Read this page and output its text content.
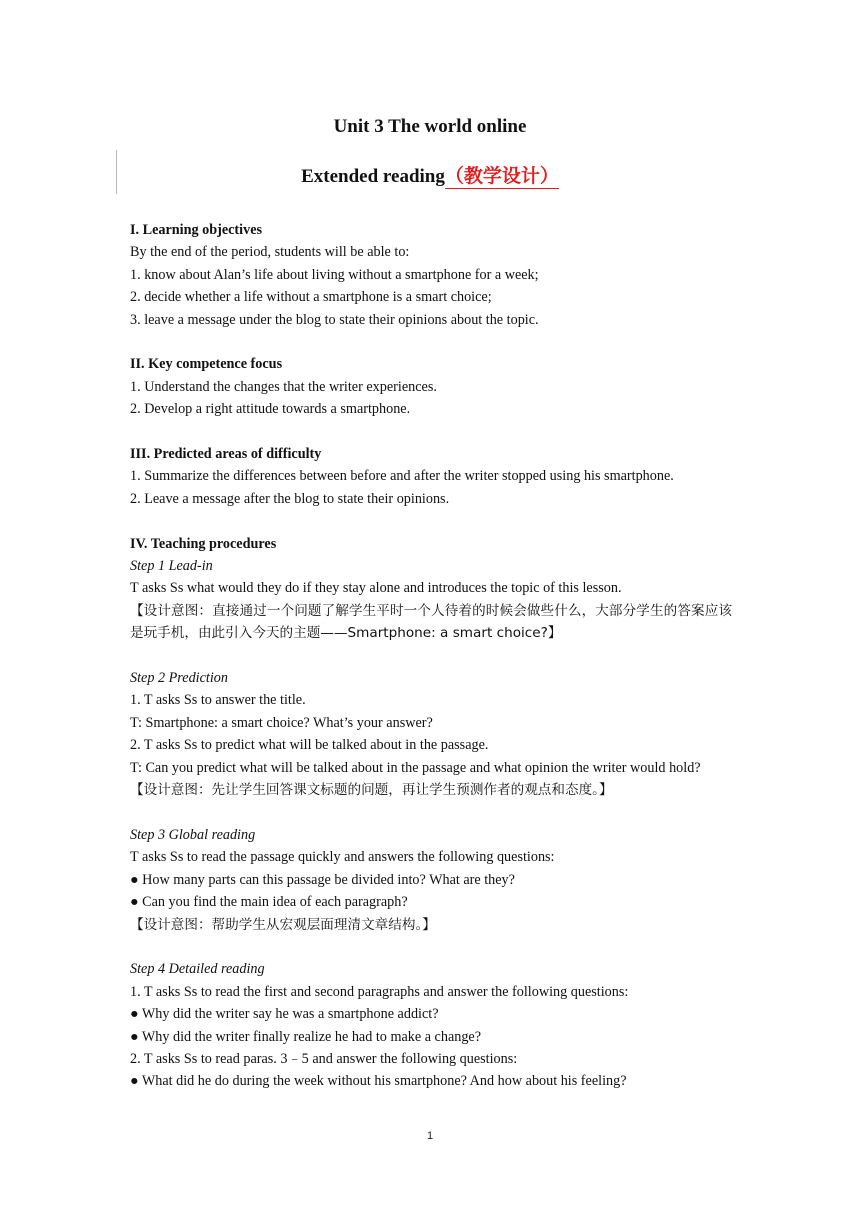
Unit 3 The world online
Extended reading（教学设计）

I. Learning objectives

By the end of the period, students will be able to:

1. know about Alan’s life about living without a smartphone for a week;

2. decide whether a life without a smartphone is a smart choice;

3. leave a message under the blog to state their opinions about the topic.

II. Key competence focus

1. Understand the changes that the writer experiences.

2. Develop a right attitude towards a smartphone.

III. Predicted areas of difficulty

1. Summarize the differences between before and after the writer stopped using his smartphone.

2. Leave a message after the blog to state their opinions.

IV. Teaching procedures

Step 1 Lead-in

T asks Ss what would they do if they stay alone and introduces the topic of this lesson.

【设计意图：直接通过一个问题了解学生平时一个人待着的时候会做些什么，大部分学生的答案应该是玩手机，由此引入今天的主题——Smartphone: a smart choice?】

Step 2 Prediction

1. T asks Ss to answer the title.

T: Smartphone: a smart choice? What’s your answer?

2. T asks Ss to predict what will be talked about in the passage.

T: Can you predict what will be talked about in the passage and what opinion the writer would hold?

【设计意图：先让学生回答课文标题的问题，再让学生预测作者的观点和态度。】

Step 3 Global reading

T asks Ss to read the passage quickly and answers the following questions:

● How many parts can this passage be divided into? What are they?

● Can you find the main idea of each paragraph?

【设计意图：帮助学生从宏观层面理清文章结构。】

Step 4 Detailed reading

1. T asks Ss to read the first and second paragraphs and answer the following questions:

● Why did the writer say he was a smartphone addict?

● Why did the writer finally realize he had to make a change?

2. T asks Ss to read paras. 3﹣5 and answer the following questions:

● What did he do during the week without his smartphone? And how about his feeling?

1
